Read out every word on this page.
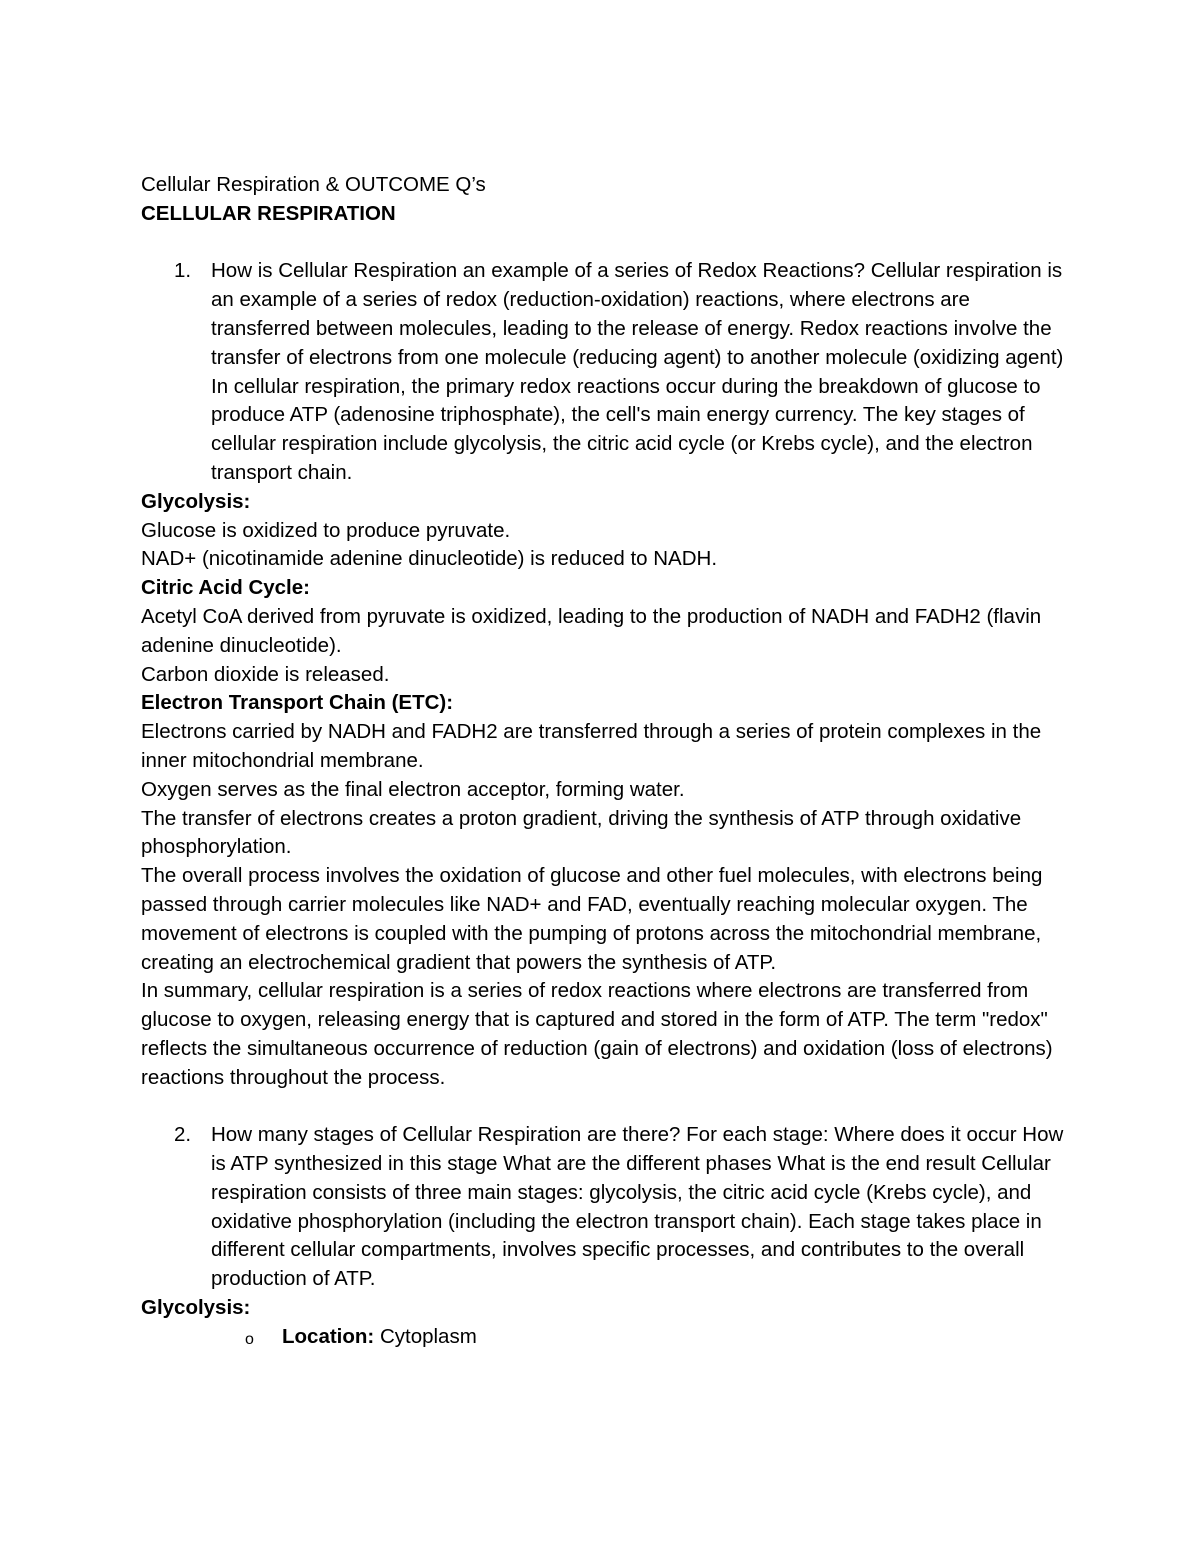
Cellular Respiration & OUTCOME Q’s

CELLULAR RESPIRATION

1. How is Cellular Respiration an example of a series of Redox Reactions? Cellular respiration is an example of a series of redox (reduction-oxidation) reactions, where electrons are transferred between molecules, leading to the release of energy. Redox reactions involve the transfer of electrons from one molecule (reducing agent) to another molecule (oxidizing agent) In cellular respiration, the primary redox reactions occur during the breakdown of glucose to produce ATP (adenosine triphosphate), the cell's main energy currency. The key stages of cellular respiration include glycolysis, the citric acid cycle (or Krebs cycle), and the electron transport chain.

Glycolysis:

Glucose is oxidized to produce pyruvate.

NAD+ (nicotinamide adenine dinucleotide) is reduced to NADH.

Citric Acid Cycle:

Acetyl CoA derived from pyruvate is oxidized, leading to the production of NADH and FADH2 (flavin adenine dinucleotide).

Carbon dioxide is released.

Electron Transport Chain (ETC):

Electrons carried by NADH and FADH2 are transferred through a series of protein complexes in the inner mitochondrial membrane.

Oxygen serves as the final electron acceptor, forming water.

The transfer of electrons creates a proton gradient, driving the synthesis of ATP through oxidative phosphorylation.

The overall process involves the oxidation of glucose and other fuel molecules, with electrons being passed through carrier molecules like NAD+ and FAD, eventually reaching molecular oxygen. The movement of electrons is coupled with the pumping of protons across the mitochondrial membrane, creating an electrochemical gradient that powers the synthesis of ATP.

In summary, cellular respiration is a series of redox reactions where electrons are transferred from glucose to oxygen, releasing energy that is captured and stored in the form of ATP. The term "redox" reflects the simultaneous occurrence of reduction (gain of electrons) and oxidation (loss of electrons) reactions throughout the process.

2. How many stages of Cellular Respiration are there? For each stage: Where does it occur How is ATP synthesized in this stage What are the different phases What is the end result Cellular respiration consists of three main stages: glycolysis, the citric acid cycle (Krebs cycle), and oxidative phosphorylation (including the electron transport chain). Each stage takes place in different cellular compartments, involves specific processes, and contributes to the overall production of ATP.

Glycolysis:

o Location: Cytoplasm
